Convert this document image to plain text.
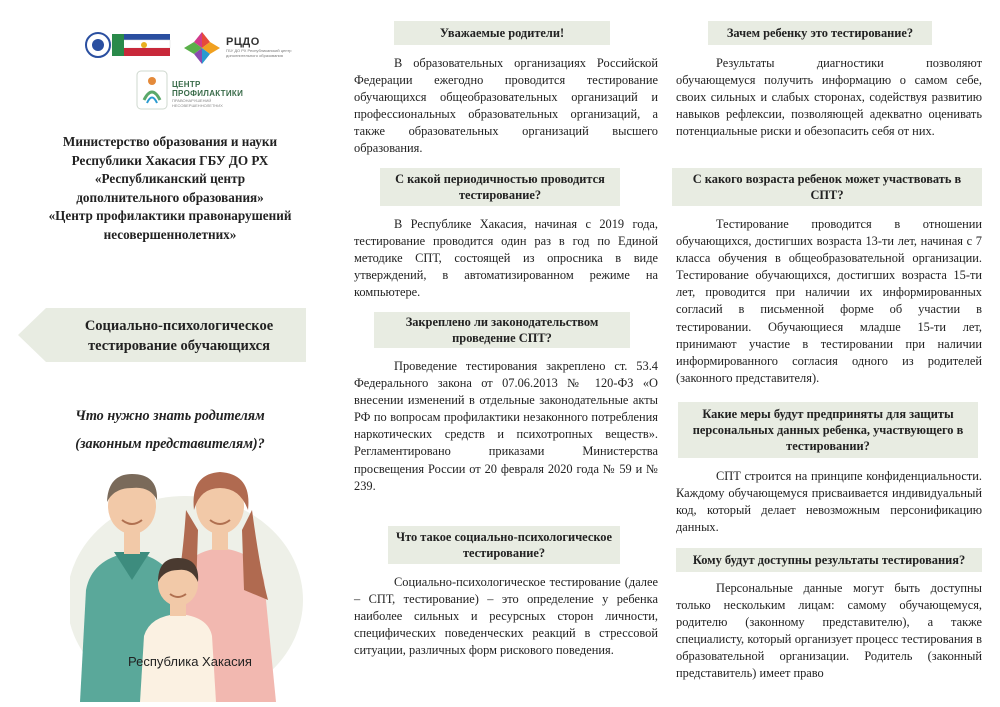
РЦДО
ГБУ ДО РХ Республиканский центр дополнительного образования
ЦЕНТР ПРОФИЛАКТИКИ
ПРАВОНАРУШЕНИЙ НЕСОВЕРШЕННОЛЕТНИХ
Министерство образования и науки
Республики Хакасия ГБУ ДО РХ
«Республиканский центр
дополнительного образования»
«Центр профилактики правонарушений
несовершеннолетних»
Социально-психологическое
тестирование обучающихся
Что нужно знать родителям
(законным представителям)?
Республика Хакасия
Уважаемые родители!
В образовательных организациях Российской Федерации ежегодно проводится тестирование обучающихся общеобразовательных организаций и профессиональных образовательных организаций, а также образовательных организаций высшего образования.
С какой периодичностью проводится тестирование?
В Республике Хакасия, начиная с 2019 года, тестирование проводится один раз в год по Единой методике СПТ, состоящей из опросника в виде утверждений, в автоматизированном режиме на компьютере.
Закреплено ли законодательством проведение СПТ?
Проведение тестирования закреплено ст. 53.4 Федерального закона от 07.06.2013 № 120-ФЗ «О внесении изменений в отдельные законодательные акты РФ по вопросам профилактики незаконного потребления наркотических средств и психотропных веществ». Регламентировано приказами Министерства просвещения России от 20 февраля 2020 года № 59 и № 239.
Что такое социально-психологическое тестирование?
Социально-психологическое тестирование (далее – СПТ, тестирование) – это определение у ребенка наиболее сильных и ресурсных сторон личности, специфических поведенческих реакций в стрессовой ситуации, различных форм рискового поведения.
Зачем ребенку это тестирование?
Результаты диагностики позволяют обучающемуся получить информацию о самом себе, своих сильных и слабых сторонах, содействуя развитию навыков рефлексии, позволяющей адекватно оценивать потенциальные риски и обезопасить себя от них.
С какого возраста ребенок может участвовать в СПТ?
Тестирование проводится в отношении обучающихся, достигших возраста 13-ти лет, начиная с 7 класса обучения в общеобразовательной организации. Тестирование обучающихся, достигших возраста 15-ти лет, проводится при наличии их информированных согласий в письменной форме об участии в тестировании. Обучающиеся младше 15-ти лет, принимают участие в тестировании при наличии информированного согласия одного из родителей (законного представителя).
Какие меры будут предприняты для защиты персональных данных ребенка, участвующего в тестировании?
СПТ строится на принципе конфиденциальности. Каждому обучающемуся присваивается индивидуальный код, который делает невозможным персонификацию данных.
Кому будут доступны результаты тестирования?
Персональные данные могут быть доступны только нескольким лицам: самому обучающемуся, родителю (законному представителю), а также специалисту, который организует процесс тестирования в образовательной организации. Родитель (законный представитель) имеет право
